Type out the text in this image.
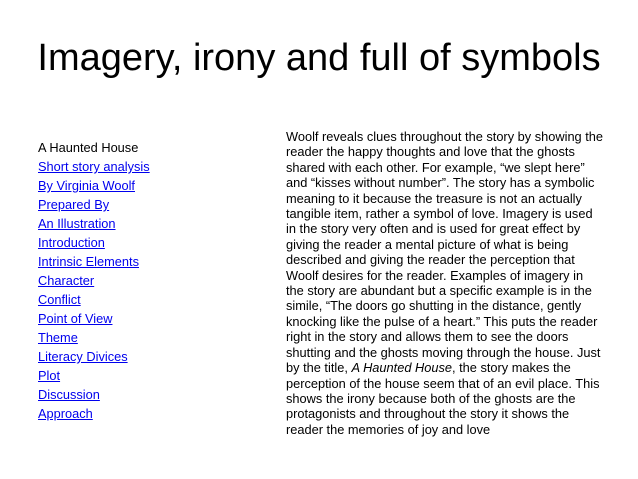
Imagery, irony and full of symbols
A Haunted House
Short story analysis
By Virginia Woolf
Prepared By
An Illustration
Introduction
Intrinsic Elements
Character
Conflict
Point of View
Theme
Literacy Divices
Plot
Discussion
Approach

Woolf reveals clues throughout the story by showing the reader the happy thoughts and love that the ghosts shared with each other. For example, “we slept here” and “kisses without number”. The story has a symbolic meaning to it because the treasure is not an actually tangible item, rather a symbol of love. Imagery is used in the story very often and is used for great effect by giving the reader a mental picture of what is being described and giving the reader the perception that Woolf desires for the reader. Examples of imagery in the story are abundant but a specific example is in the simile, “The doors go shutting in the distance, gently knocking like the pulse of a heart.” This puts the reader right in the story and allows them to see the doors shutting and the ghosts moving through the house. Just by the title, A Haunted House, the story makes the perception of the house seem that of an evil place. This shows the irony because both of the ghosts are the protagonists and throughout the story it shows the reader the memories of joy and love
